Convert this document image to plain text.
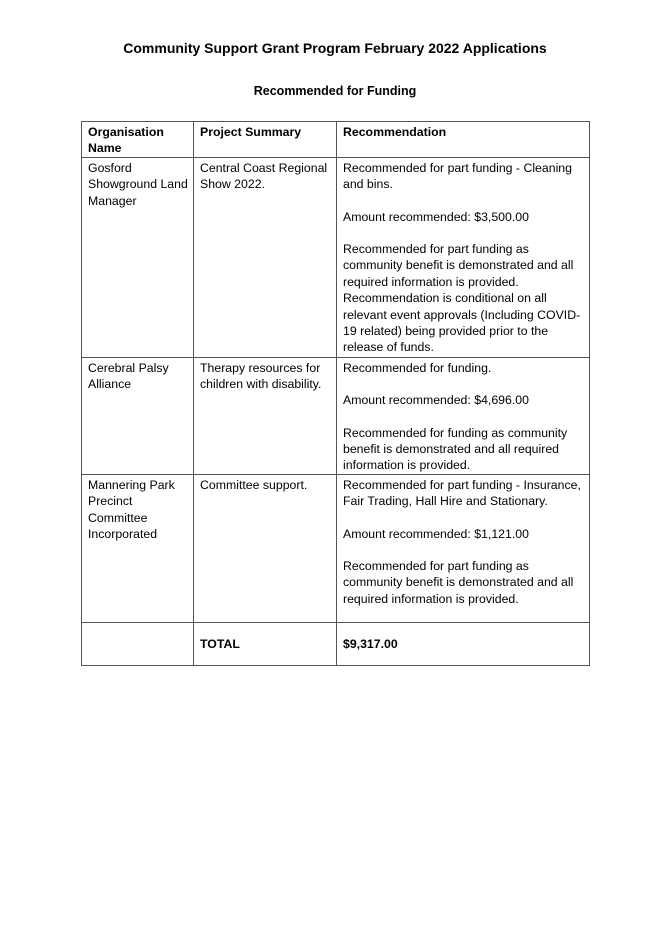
Community Support Grant Program February 2022 Applications
Recommended for Funding
Organisation Name	Project Summary	Recommendation
Gosford Showground Land Manager	Central Coast Regional Show 2022.	Recommended for part funding - Cleaning and bins.

Amount recommended: $3,500.00

Recommended for part funding as community benefit is demonstrated and all required information is provided. Recommendation is conditional on all relevant event approvals (Including COVID-19 related) being provided prior to the release of funds.

Cerebral Palsy Alliance	Therapy resources for children with disability.	Recommended for funding.

Amount recommended: $4,696.00

Recommended for funding as community benefit is demonstrated and all required information is provided.

Mannering Park Precinct Committee Incorporated	Committee support.	Recommended for part funding - Insurance, Fair Trading, Hall Hire and Stationary.

Amount recommended: $1,121.00

Recommended for part funding as community benefit is demonstrated and all required information is provided.

	TOTAL	$9,317.00
